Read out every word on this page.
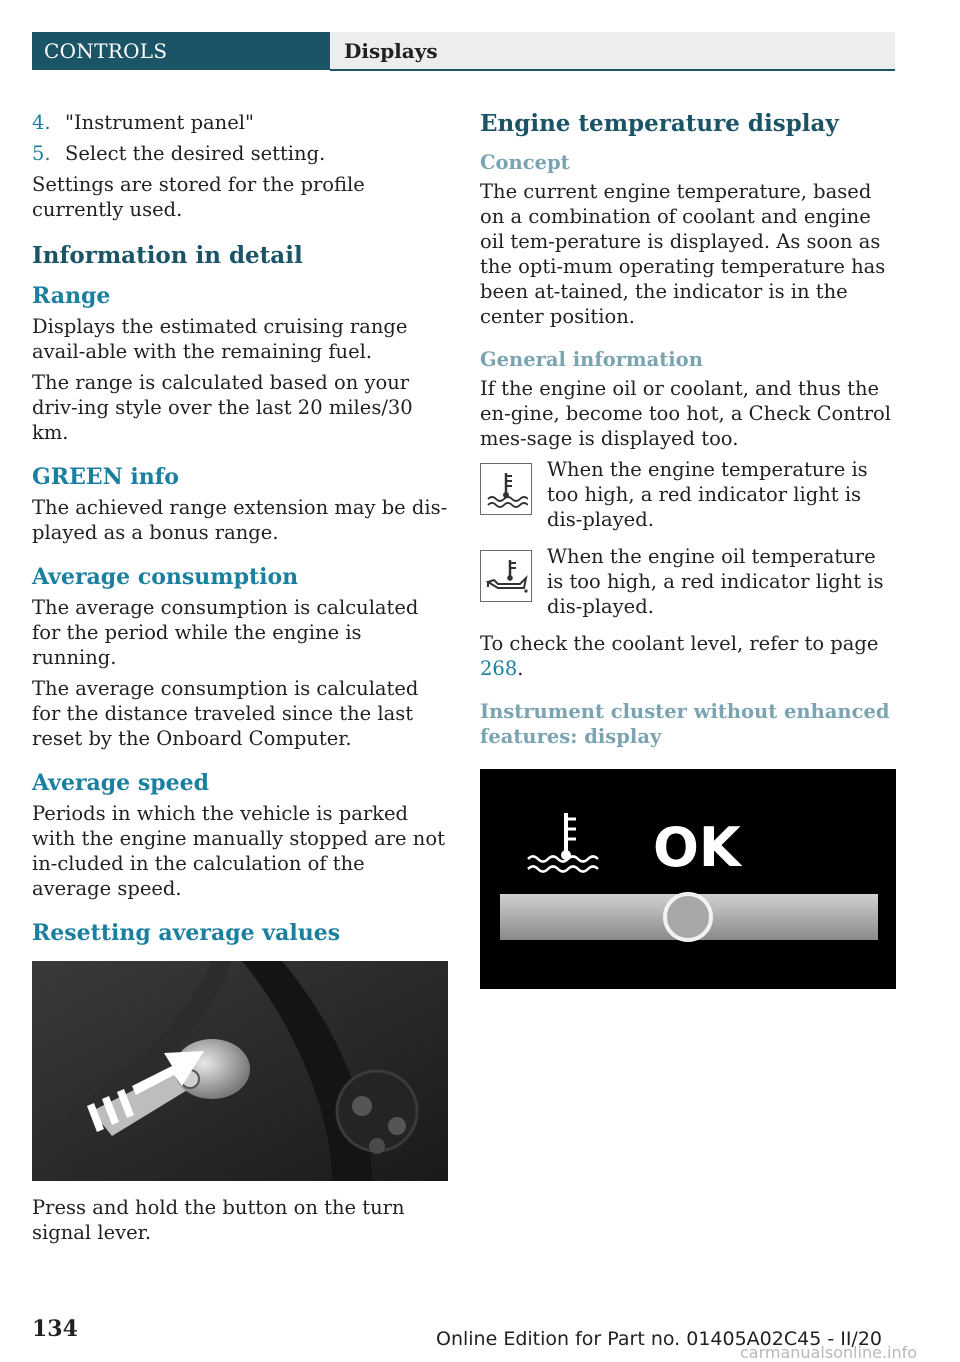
CONTROLS	Displays
4. "Instrument panel"
5. Select the desired setting.

Settings are stored for the profile currently used.

Information in detail
Range

Displays the estimated cruising range avail‐able with the remaining fuel.

The range is calculated based on your driv‐ing style over the last 20 miles/30 km.

GREEN info

The achieved range extension may be dis‐played as a bonus range.

Average consumption

The average consumption is calculated for the period while the engine is running.

The average consumption is calculated for the distance traveled since the last reset by the Onboard Computer.

Average speed

Periods in which the vehicle is parked with the engine manually stopped are not in‐cluded in the calculation of the average speed.

Resetting average values

Press and hold the button on the turn signal lever.

Engine temperature display
Concept

The current engine temperature, based on a combination of coolant and engine oil tem‐perature is displayed. As soon as the opti‐mum operating temperature has been at‐tained, the indicator is in the center position.

General information

If the engine oil or coolant, and thus the en‐gine, become too hot, a Check Control mes‐sage is displayed too.

When the engine temperature is too high, a red indicator light is dis‐played.
When the engine oil temperature is too high, a red indicator light is dis‐played.

To check the coolant level, refer to page 268.

Instrument cluster without enhanced features: display
OK
134	Online Edition for Part no. 01405A02C45 - II/20
carmanualsonline.info
